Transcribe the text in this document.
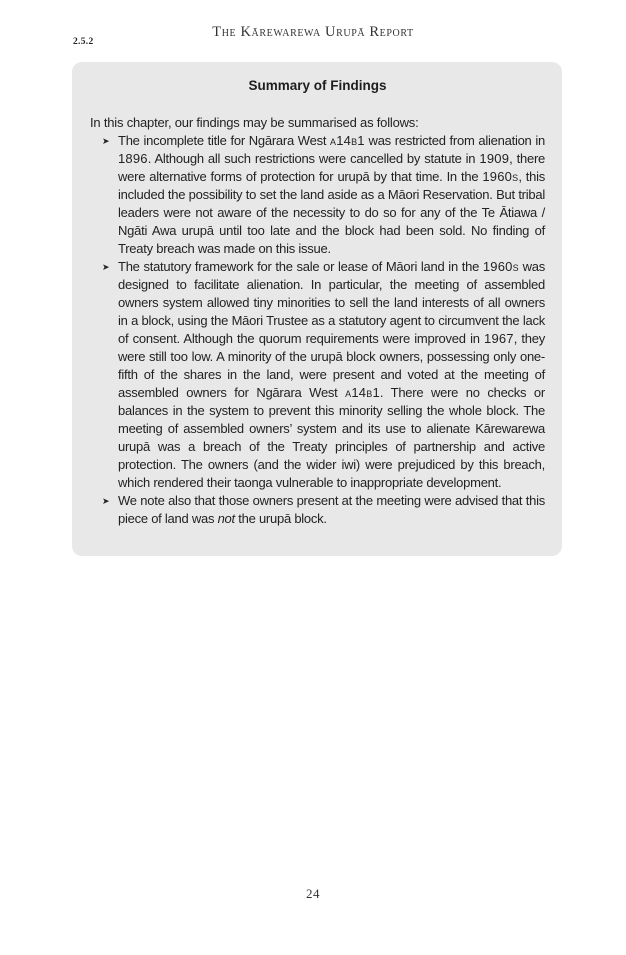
The Kārewarewa Urupā Report
2.5.2
Summary of Findings

In this chapter, our findings may be summarised as follows:

➤ The incomplete title for Ngārara West a14b1 was restricted from alienation in 1896. Although all such restrictions were cancelled by statute in 1909, there were alternative forms of protection for urupā by that time. In the 1960s, this included the possibility to set the land aside as a Māori Reservation. But tribal leaders were not aware of the necessity to do so for any of the Te Ātiawa / Ngāti Awa urupā until too late and the block had been sold. No finding of Treaty breach was made on this issue.
➤ The statutory framework for the sale or lease of Māori land in the 1960s was designed to facilitate alienation. In particular, the meeting of assembled owners system allowed tiny minorities to sell the land interests of all owners in a block, using the Māori Trustee as a statutory agent to circumvent the lack of consent. Although the quorum requirements were improved in 1967, they were still too low. A minority of the urupā block owners, possessing only one-fifth of the shares in the land, were present and voted at the meeting of assembled owners for Ngārara West a14b1. There were no checks or balances in the system to prevent this minority selling the whole block. The meeting of assembled owners’ system and its use to alienate Kārewarewa urupā was a breach of the Treaty principles of partnership and active protection. The owners (and the wider iwi) were prejudiced by this breach, which rendered their taonga vulnerable to inappropriate development.
➤ We note also that those owners present at the meeting were advised that this piece of land was not the urupā block.
24
